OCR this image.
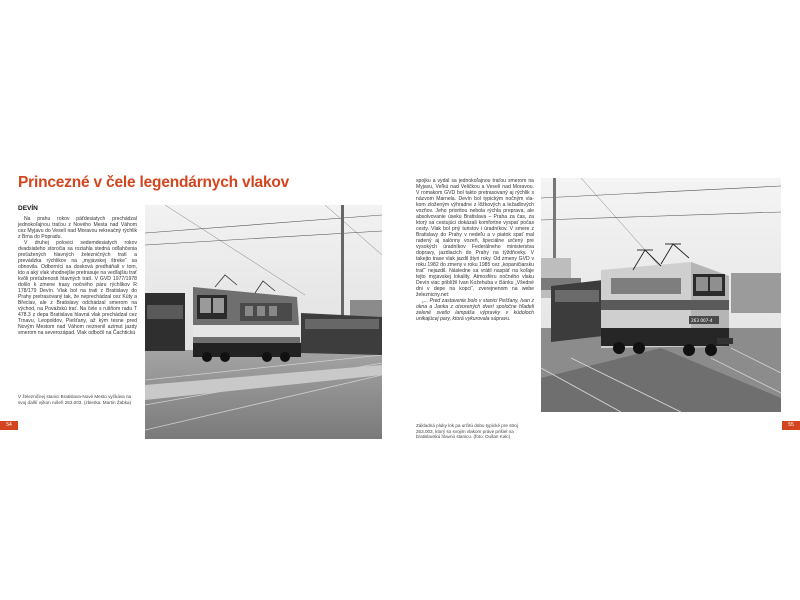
Princezné v čele legendárnych vlakov
DEVÍN

Na prahu rokov päťdesiatych prechádzal jednokoľajnou traťou z Nového Mesta nad Váhom cez Myjavu do Veselí nad Moravou rekreačný rýchlik z Brna do Popradu.

V druhej polovici sedemdesiatych rokov dvadsiateho storočia sa roziahla stedná odľahčenia preťažených hlavných železničných tratí a prevádzka rýchlikov na „myjavskej štreke“ sa obnovila. Odborníci sa dosková predháňali v tom, kto a aký vlak vhodnejšie pretrasuje na vedľajšiu trať kvôli preťaženosti hlavných tratí. V GVD 1977/1978 došlo k zmene trasy nočného páru rýchlikov R 178/179 Devín. Vlak bol na trati z Bratislavy do Prahy pretrasovaný tak, že neprechádzal cez Kúty a Břeclav, ale z Bratislavy odchádzal smerom na východ, na Považskú trať. Na čele s rušňom radu T 478.3 z depa Bratislava hlavná vlak prechádzal cez Trnavu, Leopoldov, Piešťany, až kým tesne pred Novým Mestom nad Váhom neznenil azimut jazdy smerom na severozápad. Vlak odbočil na Čachtickú

V železničnej stanici Bratislava-Nové Mesto vyčkáva na svoj ďalší výkon rušeň 263.003. (zbierka: Martin Žabka)
54

spojku a vydal sa jednokoľajnou traťou smerom na Myjavu, Veľkú nad Veličkou a Veselí nad Moravou. V romakom GVD bol takto pretrasovaný aj rýchlik s názvom Marnela. Devín bol typickým nočným vlakom zloženým výhradne z lôžkových a ležadlových vozňov. Jeho prioritou nebola rýchla preprava, ale absolvovanie úseku Bratislava – Praha za čas, za ktorý sa cestujúci dokázali komfortne vyspať počas cesty. Vlak bol pný turistov i úradníkov. V smere z Bratislavy do Prahy v nedeľu a v piatok spať mal radený aj salónny vozeň, špeciálne určený pre vysokých úradníkov Federálneho ministerstva dopravy, jazdiacich do Prahy na týždňovky. V takejto trase vlak jazdil štyri roky. Od zmeny GVD v roku 1982 do zmeny v roku 1985 cez „kopaničiarsku trať“ nejazdil. Následne sa vrátil naspäť na koľaje tejto myjavskej lokality. Atmosféru nočného vlaku Devín viac priblížil Ivan Kožehuba v článku „Všedné dni v depe na kopci“, zverejnenom na webe železnicny.net:

„... Pred zastavenie bolo v stanici Pešťany, Ivan z okna a Janka z otvorených dverí spoločne hľadeli zelené svetlo lampáša výpravky v kúdoloch unikajúcej pary, ktorá vykurovala súpravu.	263 007-4
Základná pluky lok pa určitú dobu typické pre stroj 263.003, ktorý so svojim vlakom práve prišiel na bratislavskú hlavnú stanicu. (foto: Dušan Kalc)
55
